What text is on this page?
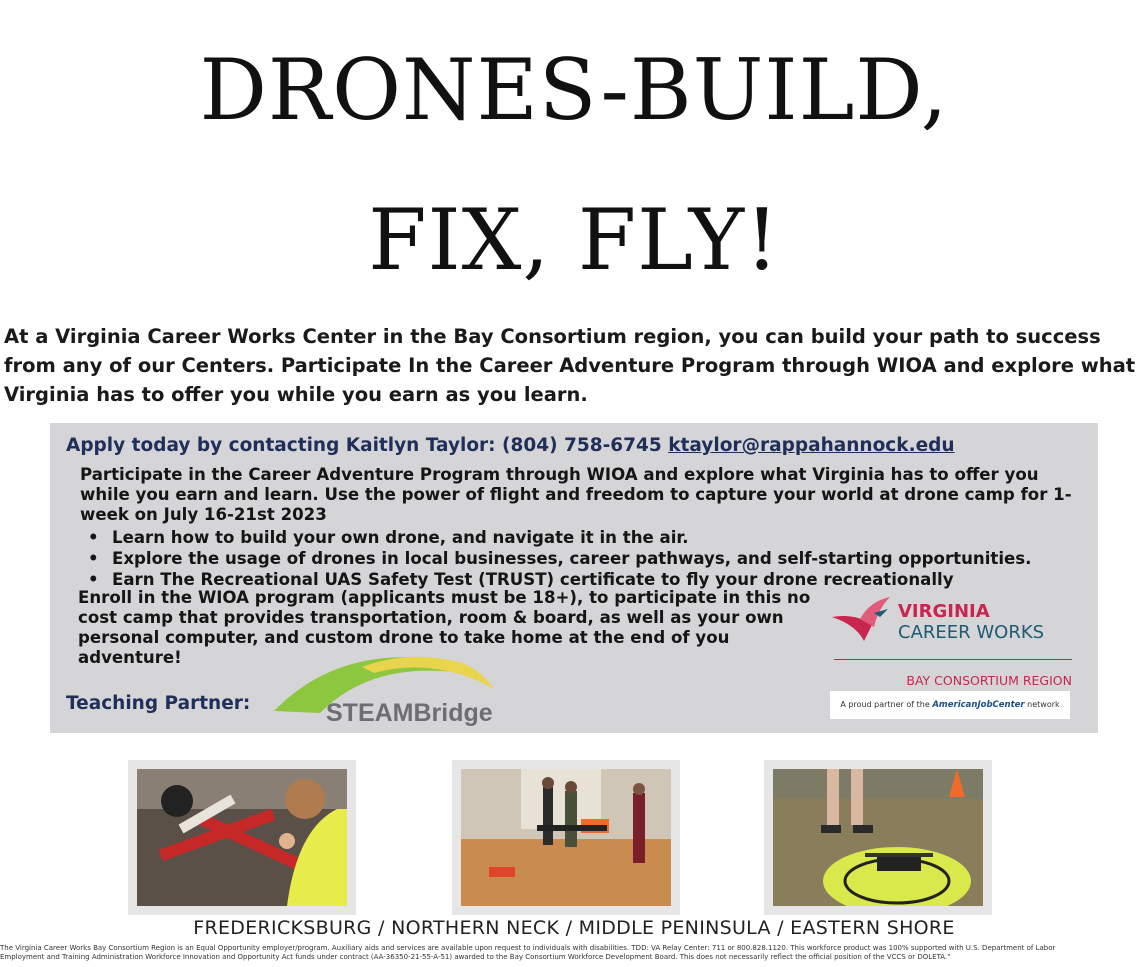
DRONES-BUILD,
FIX, FLY!
At a Virginia Career Works Center in the Bay Consortium region, you can build your path to success from any of our Centers. Participate In the Career Adventure Program through WIOA and explore what Virginia has to offer you while you earn as you learn.
Apply today by contacting Kaitlyn Taylor: (804) 758-6745 ktaylor@rappahannock.edu
Participate in the Career Adventure Program through WIOA and explore what Virginia has to offer you while you earn and learn. Use the power of flight and freedom to capture your world at drone camp for 1-week on July 16-21st 2023
• Learn how to build your own drone, and navigate it in the air.
• Explore the usage of drones in local businesses, career pathways, and self-starting opportunities.
• Earn The Recreational UAS Safety Test (TRUST) certificate to fly your drone recreationally
Enroll in the WIOA program (applicants must be 18+), to participate in this no cost camp that provides transportation, room & board, as well as your own personal computer, and custom drone to take home at the end of you adventure!
Teaching Partner:	STEAMBridge
VIRGINIA
CAREER WORKS
BAY CONSORTIUM REGION
A proud partner of the AmericanJobCenter network
FREDERICKSBURG / NORTHERN NECK / MIDDLE PENINSULA / EASTERN SHORE
The Virginia Career Works Bay Consortium Region is an Equal Opportunity employer/program. Auxiliary aids and services are available upon request to individuals with disabilities. TDD: VA Relay Center: 711 or 800.828.1120. This workforce product was 100% supported with U.S. Department of Labor
Employment and Training Administration Workforce Innovation and Opportunity Act funds under contract (AA-36350-21-55-A-51) awarded to the Bay Consortium Workforce Development Board. This does not necessarily reflect the official position of the VCCS or DOLETA."
